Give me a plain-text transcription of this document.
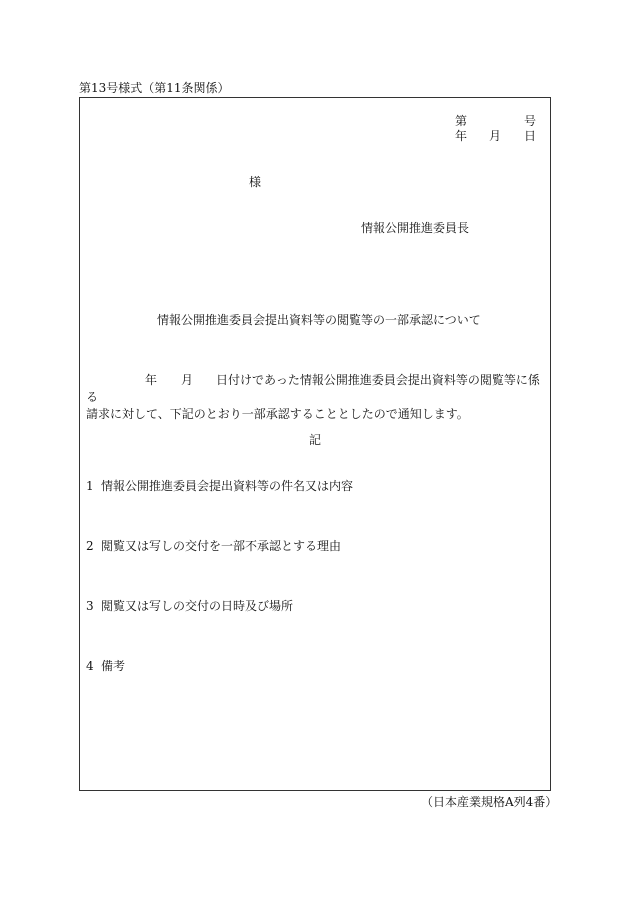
第13号様式（第11条関係）
第	号
年 月 日
様
情報公開推進委員長
情報公開推進委員会提出資料等の閲覧等の一部承認について
年 月 日付けであった情報公開推進委員会提出資料等の閲覧等に係る
請求に対して、下記のとおり一部承認することとしたので通知します。
記
1 情報公開推進委員会提出資料等の件名又は内容
2 閲覧又は写しの交付を一部不承認とする理由
3 閲覧又は写しの交付の日時及び場所
4 備考
（日本産業規格A列4番）
